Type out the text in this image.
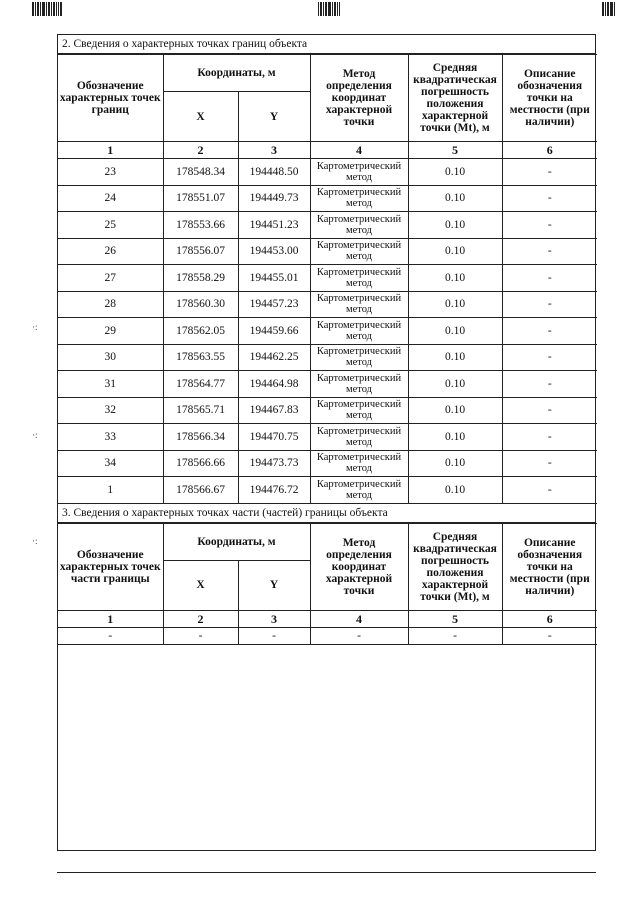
·:
·:
·:
2. Сведения о характерных точках границ объекта
Обозначение характерных точек границ	Координаты, м		Метод определения координат характерной точки	Средняя квадратическая погрешность положения характерной точки (Mt), м	Описание обозначения точки на местности (при наличии)
	X	Y			
1	2	3	4	5	6
23	178548.34	194448.50	Картометрический метод	0.10	-
24	178551.07	194449.73	Картометрический метод	0.10	-
25	178553.66	194451.23	Картометрический метод	0.10	-
26	178556.07	194453.00	Картометрический метод	0.10	-
27	178558.29	194455.01	Картометрический метод	0.10	-
28	178560.30	194457.23	Картометрический метод	0.10	-
29	178562.05	194459.66	Картометрический метод	0.10	-
30	178563.55	194462.25	Картометрический метод	0.10	-
31	178564.77	194464.98	Картометрический метод	0.10	-
32	178565.71	194467.83	Картометрический метод	0.10	-
33	178566.34	194470.75	Картометрический метод	0.10	-
34	178566.66	194473.73	Картометрический метод	0.10	-
1	178566.67	194476.72	Картометрический метод	0.10	-
3. Сведения о характерных точках части (частей) границы объекта
Обозначение характерных точек части границы	Координаты, м		Метод определения координат характерной точки	Средняя квадратическая погрешность положения характерной точки (Mt), м	Описание обозначения точки на местности (при наличии)
	X	Y			
1	2	3	4	5	6
-	-	-	-	-	-
